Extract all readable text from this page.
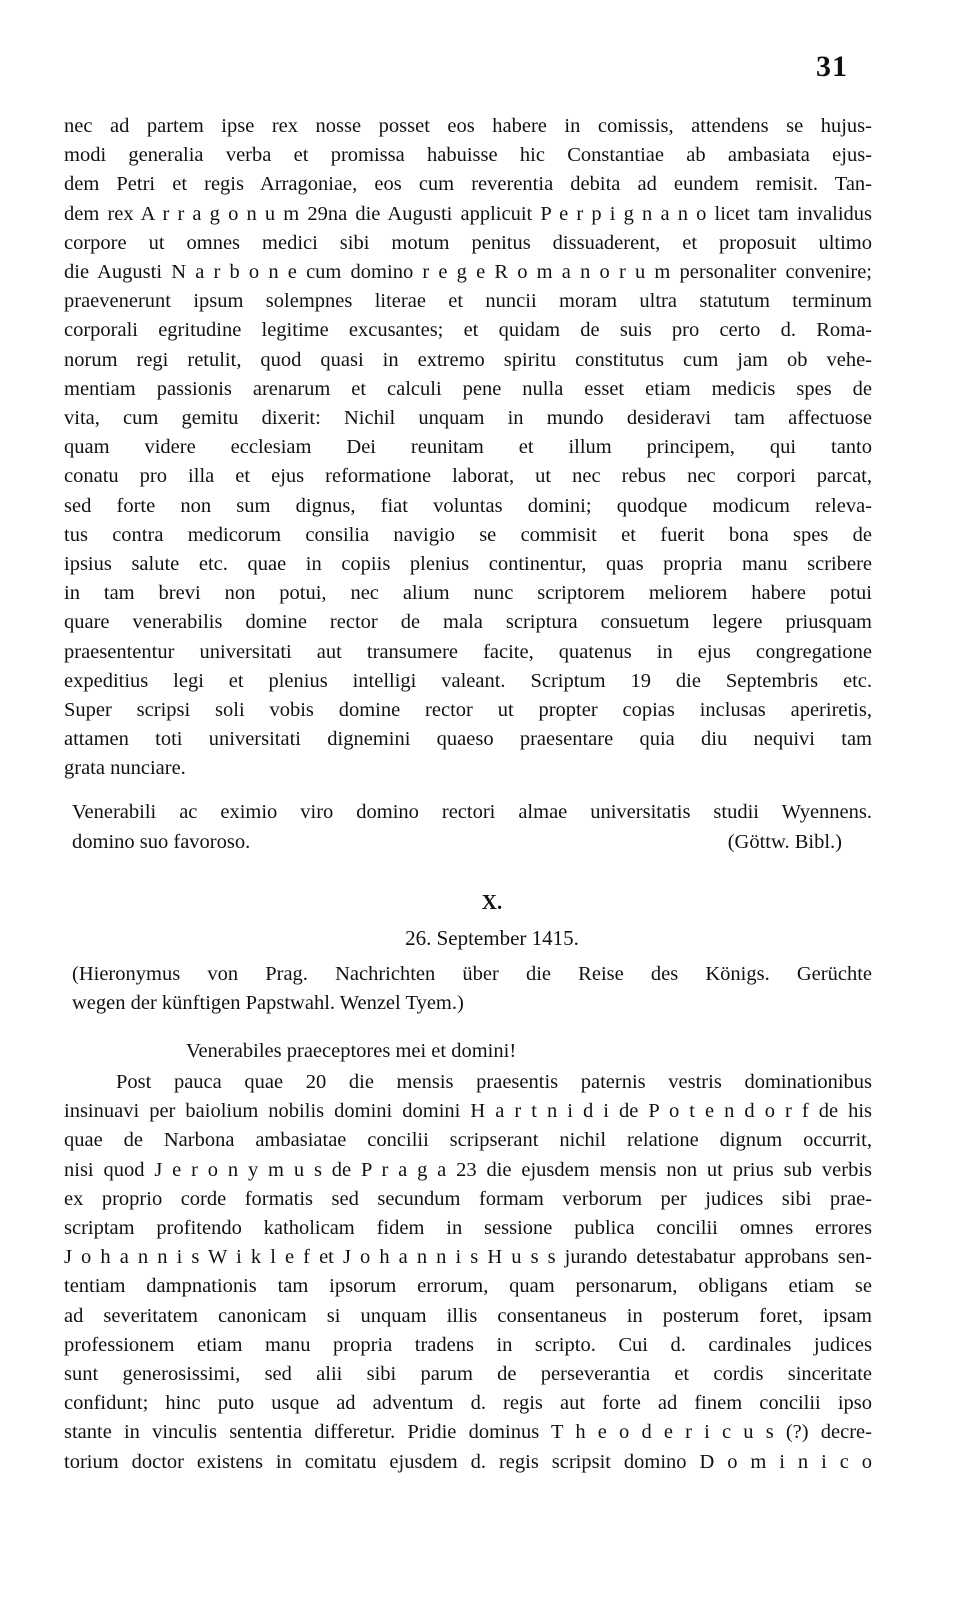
31
nec ad partem ipse rex nosse posset eos habere in comissis, attendens se hujus-
modi generalia verba et promissa habuisse hic Constantiae ab ambasiata ejus-
dem Petri et regis Arragoniae, eos cum reverentia debita ad eundem remisit. Tan-
dem rex A r r a g o n u m 29na die Augusti applicuit P e r p i g n a n o licet tam invalidus
corpore ut omnes medici sibi motum penitus dissuaderent, et proposuit ultimo
die Augusti N a r b o n e cum domino r e g e R o m a n o r u m personaliter convenire;
praevenerunt ipsum solempnes literae et nuncii moram ultra statutum terminum
corporali egritudine legitime excusantes; et quidam de suis pro certo d. Roma-
norum regi retulit, quod quasi in extremo spiritu constitutus cum jam ob vehe-
mentiam passionis arenarum et calculi pene nulla esset etiam medicis spes de
vita, cum gemitu dixerit: Nichil unquam in mundo desideravi tam affectuose
quam videre ecclesiam Dei reunitam et illum principem, qui tanto
conatu pro illa et ejus reformatione laborat, ut nec rebus nec corpori parcat,
sed forte non sum dignus, fiat voluntas domini; quodque modicum releva-
tus contra medicorum consilia navigio se commisit et fuerit bona spes de
ipsius salute etc. quae in copiis plenius continentur, quas propria manu scribere
in tam brevi non potui, nec alium nunc scriptorem meliorem habere potui
quare venerabilis domine rector de mala scriptura consuetum legere priusquam
praesententur universitati aut transumere facite, quatenus in ejus congregatione
expeditius legi et plenius intelligi valeant. Scriptum 19 die Septembris etc.
Super scripsi soli vobis domine rector ut propter copias inclusas aperiretis,
attamen toti universitati dignemini quaeso praesentare quia diu nequivi tam
grata nunciare.
Venerabili ac eximio viro domino rectori almae universitatis studii Wyennens.
domino suo favoroso.	(Göttw. Bibl.)
X.
26. September 1415.
(Hieronymus von Prag. Nachrichten über die Reise des Königs. Gerüchte
wegen der künftigen Papstwahl. Wenzel Tyem.)
Venerabiles praeceptores mei et domini!
Post pauca quae 20 die mensis praesentis paternis vestris dominationibus
insinuavi per baiolium nobilis domini domini H a r t n i d i de P o t e n d o r f de his
quae de Narbona ambasiatae concilii scripserant nichil relatione dignum occurrit,
nisi quod J e r o n y m u s de P r a g a 23 die ejusdem mensis non ut prius sub verbis
ex proprio corde formatis sed secundum formam verborum per judices sibi prae-
scriptam profitendo katholicam fidem in sessione publica concilii omnes errores
J o h a n n i s W i k l e f et J o h a n n i s H u s s jurando detestabatur approbans sen-
tentiam dampnationis tam ipsorum errorum, quam personarum, obligans etiam se
ad severitatem canonicam si unquam illis consentaneus in posterum foret, ipsam
professionem etiam manu propria tradens in scripto. Cui d. cardinales judices
sunt generosissimi, sed alii sibi parum de perseverantia et cordis sinceritate
confidunt; hinc puto usque ad adventum d. regis aut forte ad finem concilii ipso
stante in vinculis sententia differetur. Pridie dominus T h e o d e r i c u s (?) decre-
torium doctor existens in comitatu ejusdem d. regis scripsit domino D o m i n i c o
